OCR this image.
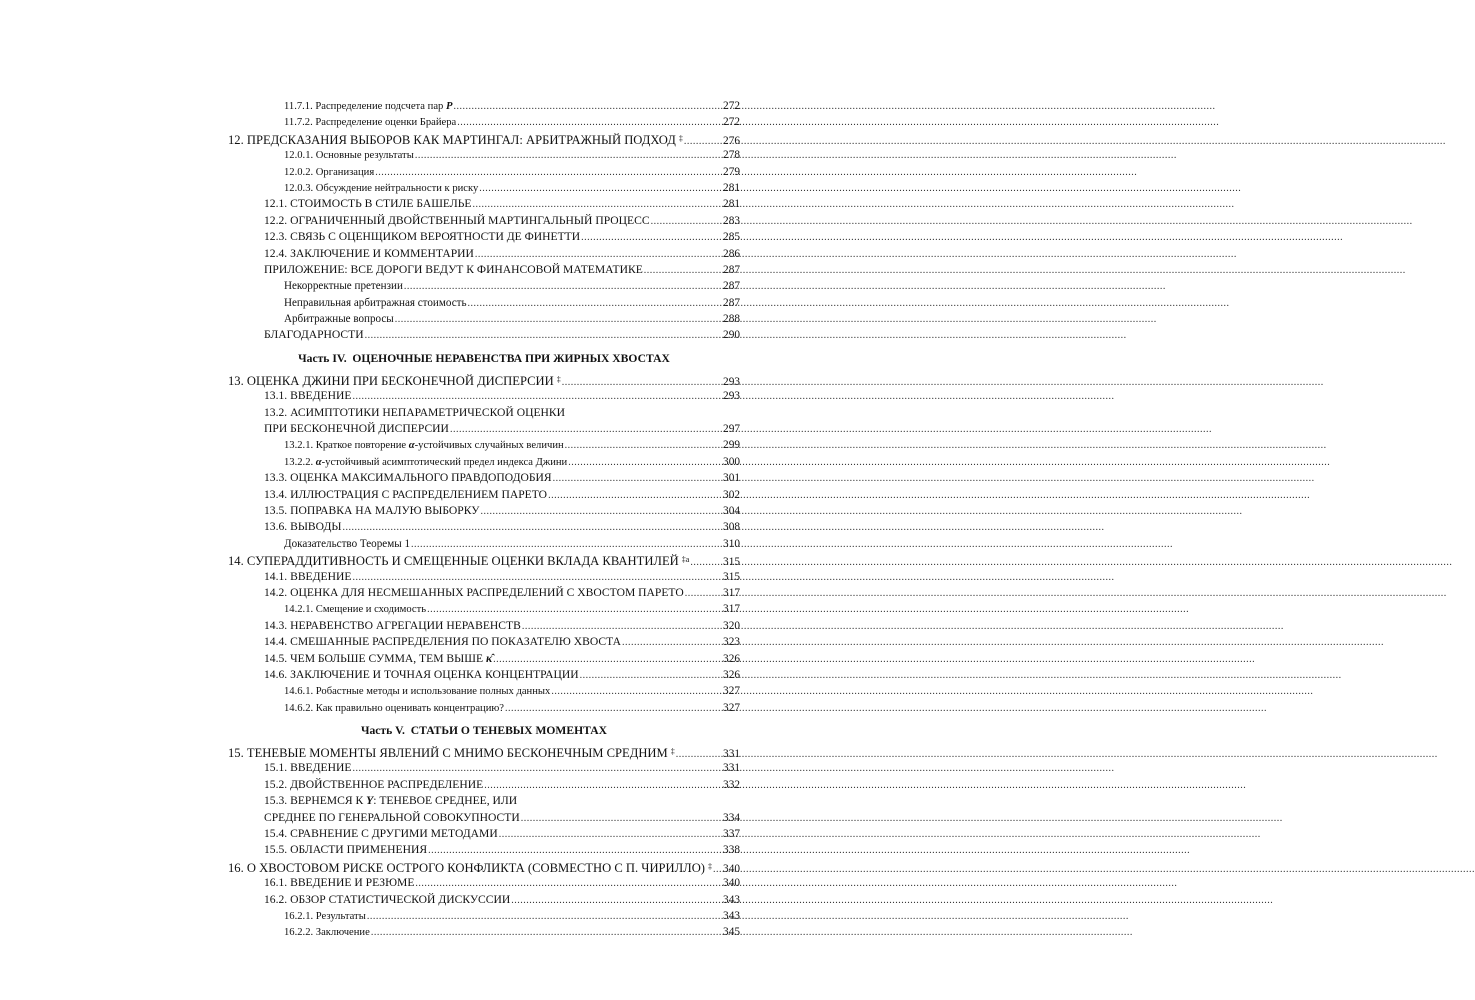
11.7.1. Распределение подсчета пар P .....	272
11.7.2. Распределение оценки Брайера .....	272
12. ПРЕДСКАЗАНИЯ ВЫБОРОВ КАК МАРТИНГАЛ: АРБИТРАЖНЫЙ ПОДХОД ‡ .....	276
12.0.1. Основные результаты .....	278
12.0.2. Организация .....	279
12.0.3. Обсуждение нейтральности к риску .....	281
12.1. СТОИМОСТЬ В СТИЛЕ БАШЕЛЬЕ .....	281
12.2. ОГРАНИЧЕННЫЙ ДВОЙСТВЕННЫЙ МАРТИНГАЛЬНЫЙ ПРОЦЕСС .....	283
12.3. СВЯЗЬ С ОЦЕНЩИКОМ ВЕРОЯТНОСТИ ДЕ ФИНЕТТИ .....	285
12.4. ЗАКЛЮЧЕНИЕ И КОММЕНТАРИИ .....	286
ПРИЛОЖЕНИЕ: ВСЕ ДОРОГИ ВЕДУТ К ФИНАНСОВОЙ МАТЕМАТИКЕ .....	287
Некорректные претензии .....	287
Неправильная арбитражная стоимость .....	287
Арбитражные вопросы .....	288
БЛАГОДАРНОСТИ .....	290
Часть IV. ОЦЕНОЧНЫЕ НЕРАВЕНСТВА ПРИ ЖИРНЫХ ХВОСТАХ
13. ОЦЕНКА ДЖИНИ ПРИ БЕСКОНЕЧНОЙ ДИСПЕРСИИ ‡ .....	293
13.1. ВВЕДЕНИЕ .....	293
13.2. АСИМПТОТИКИ НЕПАРАМЕТРИЧЕСКОЙ ОЦЕНКИ
ПРИ БЕСКОНЕЧНОЙ ДИСПЕРСИИ .....	297
13.2.1. Краткое повторение α-устойчивых случайных величин .....	299
13.2.2. α-устойчивый асимптотический предел индекса Джини .....	300
13.3. ОЦЕНКА МАКСИМАЛЬНОГО ПРАВДОПОДОБИЯ .....	301
13.4. ИЛЛЮСТРАЦИЯ С РАСПРЕДЕЛЕНИЕМ ПАРЕТО .....	302
13.5. ПОПРАВКА НА МАЛУЮ ВЫБОРКУ .....	304
13.6. ВЫВОДЫ .....	308
Доказательство Теоремы 1 .....	310
14. СУПЕРАДДИТИВНОСТЬ И СМЕЩЕННЫЕ ОЦЕНКИ ВКЛАДА КВАНТИЛЕЙ $^{\ddagger a}$ .....	315
14.1. ВВЕДЕНИЕ .....	315
14.2. ОЦЕНКА ДЛЯ НЕСМЕШАННЫХ РАСПРЕДЕЛЕНИЙ С ХВОСТОМ ПАРЕТО .....	317
14.2.1. Смещение и сходимость .....	317
14.3. НЕРАВЕНСТВО АГРЕГАЦИИ НЕРАВЕНСТВ .....	320
14.4. СМЕШАННЫЕ РАСПРЕДЕЛЕНИЯ ПО ПОКАЗАТЕЛЮ ХВОСТА .....	323
14.5. ЧЕМ БОЛЬШЕ СУММА, ТЕМ ВЫШЕ κ̂ .....	326
14.6. ЗАКЛЮЧЕНИЕ И ТОЧНАЯ ОЦЕНКА КОНЦЕНТРАЦИИ .....	326
14.6.1. Робастные методы и использование полных данных .....	327
14.6.2. Как правильно оценивать концентрацию? .....	327
Часть V. СТАТЬИ О ТЕНЕВЫХ МОМЕНТАХ
15. ТЕНЕВЫЕ МОМЕНТЫ ЯВЛЕНИЙ С МНИМО БЕСКОНЕЧНЫМ СРЕДНИМ ‡ .....	331
15.1. ВВЕДЕНИЕ .....	331
15.2. ДВОЙСТВЕННОЕ РАСПРЕДЕЛЕНИЕ .....	332
15.3. ВЕРНЕМСЯ К Y: ТЕНЕВОЕ СРЕДНЕЕ, ИЛИ
СРЕДНЕЕ ПО ГЕНЕРАЛЬНОЙ СОВОКУПНОСТИ .....	334
15.4. СРАВНЕНИЕ С ДРУГИМИ МЕТОДАМИ .....	337
15.5. ОБЛАСТИ ПРИМЕНЕНИЯ .....	338
16. О ХВОСТОВОМ РИСКЕ ОСТРОГО КОНФЛИКТА (СОВМЕСТНО С П. ЧИРИЛЛО) ‡ ..... 340
16.1. ВВЕДЕНИЕ И РЕЗЮМЕ .....	340
16.2. ОБЗОР СТАТИСТИЧЕСКОЙ ДИСКУССИИ .....	343
16.2.1. Результаты .....	343
16.2.2. Заключение .....	345
